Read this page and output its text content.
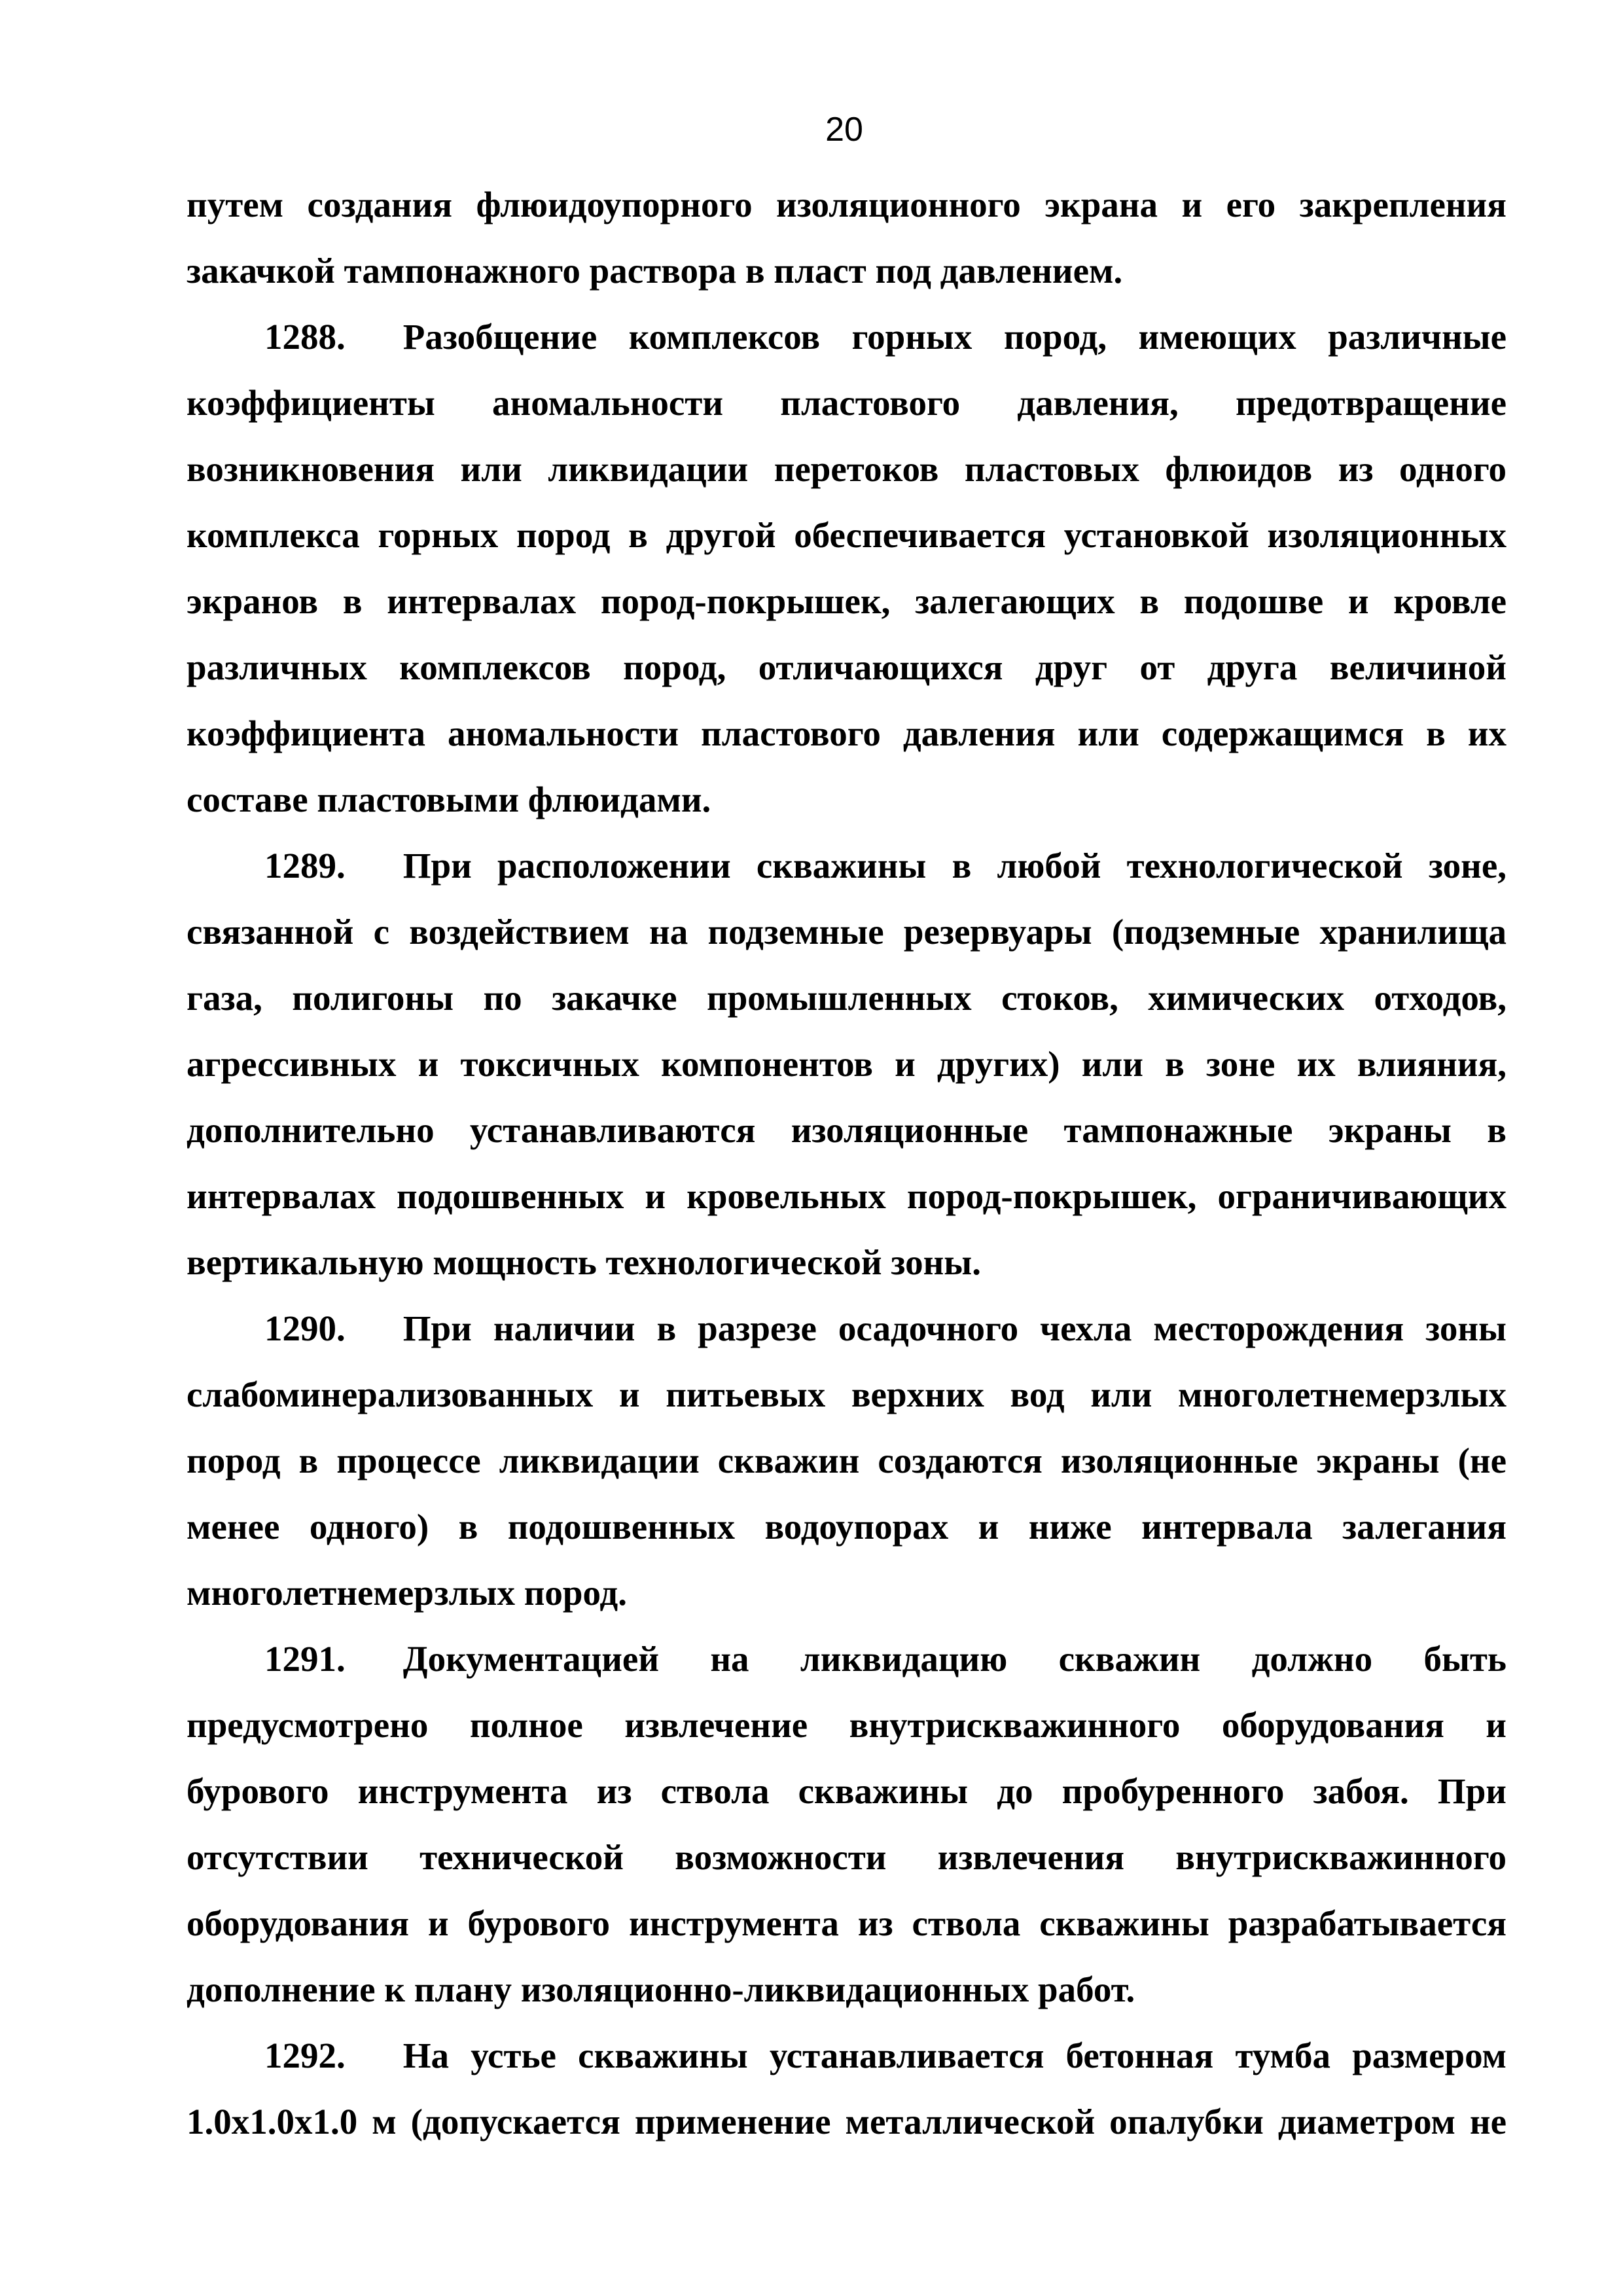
20
путем создания флюидоупорного изоляционного экрана и его закрепления
закачкой тампонажного раствора в пласт под давлением.
1288. Разобщение комплексов горных пород, имеющих различные
коэффициенты аномальности пластового давления, предотвращение
возникновения или ликвидации перетоков пластовых флюидов из одного
комплекса горных пород в другой обеспечивается установкой изоляционных
экранов в интервалах пород-покрышек, залегающих в подошве и кровле
различных комплексов пород, отличающихся друг от друга величиной
коэффициента аномальности пластового давления или содержащимся в их
составе пластовыми флюидами.
1289. При расположении скважины в любой технологической зоне,
связанной с воздействием на подземные резервуары (подземные хранилища
газа, полигоны по закачке промышленных стоков, химических отходов,
агрессивных и токсичных компонентов и других) или в зоне их влияния,
дополнительно устанавливаются изоляционные тампонажные экраны в
интервалах подошвенных и кровельных пород-покрышек, ограничивающих
вертикальную мощность технологической зоны.
1290. При наличии в разрезе осадочного чехла месторождения зоны
слабоминерализованных и питьевых верхних вод или многолетнемерзлых
пород в процессе ликвидации скважин создаются изоляционные экраны (не
менее одного) в подошвенных водоупорах и ниже интервала залегания
многолетнемерзлых пород.
1291. Документацией на ликвидацию скважин должно быть
предусмотрено полное извлечение внутрискважинного оборудования и
бурового инструмента из ствола скважины до пробуренного забоя. При
отсутствии технической возможности извлечения внутрискважинного
оборудования и бурового инструмента из ствола скважины разрабатывается
дополнение к плану изоляционно-ликвидационных работ.
1292. На устье скважины устанавливается бетонная тумба размером
1.0х1.0х1.0 м (допускается применение металлической опалубки диаметром не
